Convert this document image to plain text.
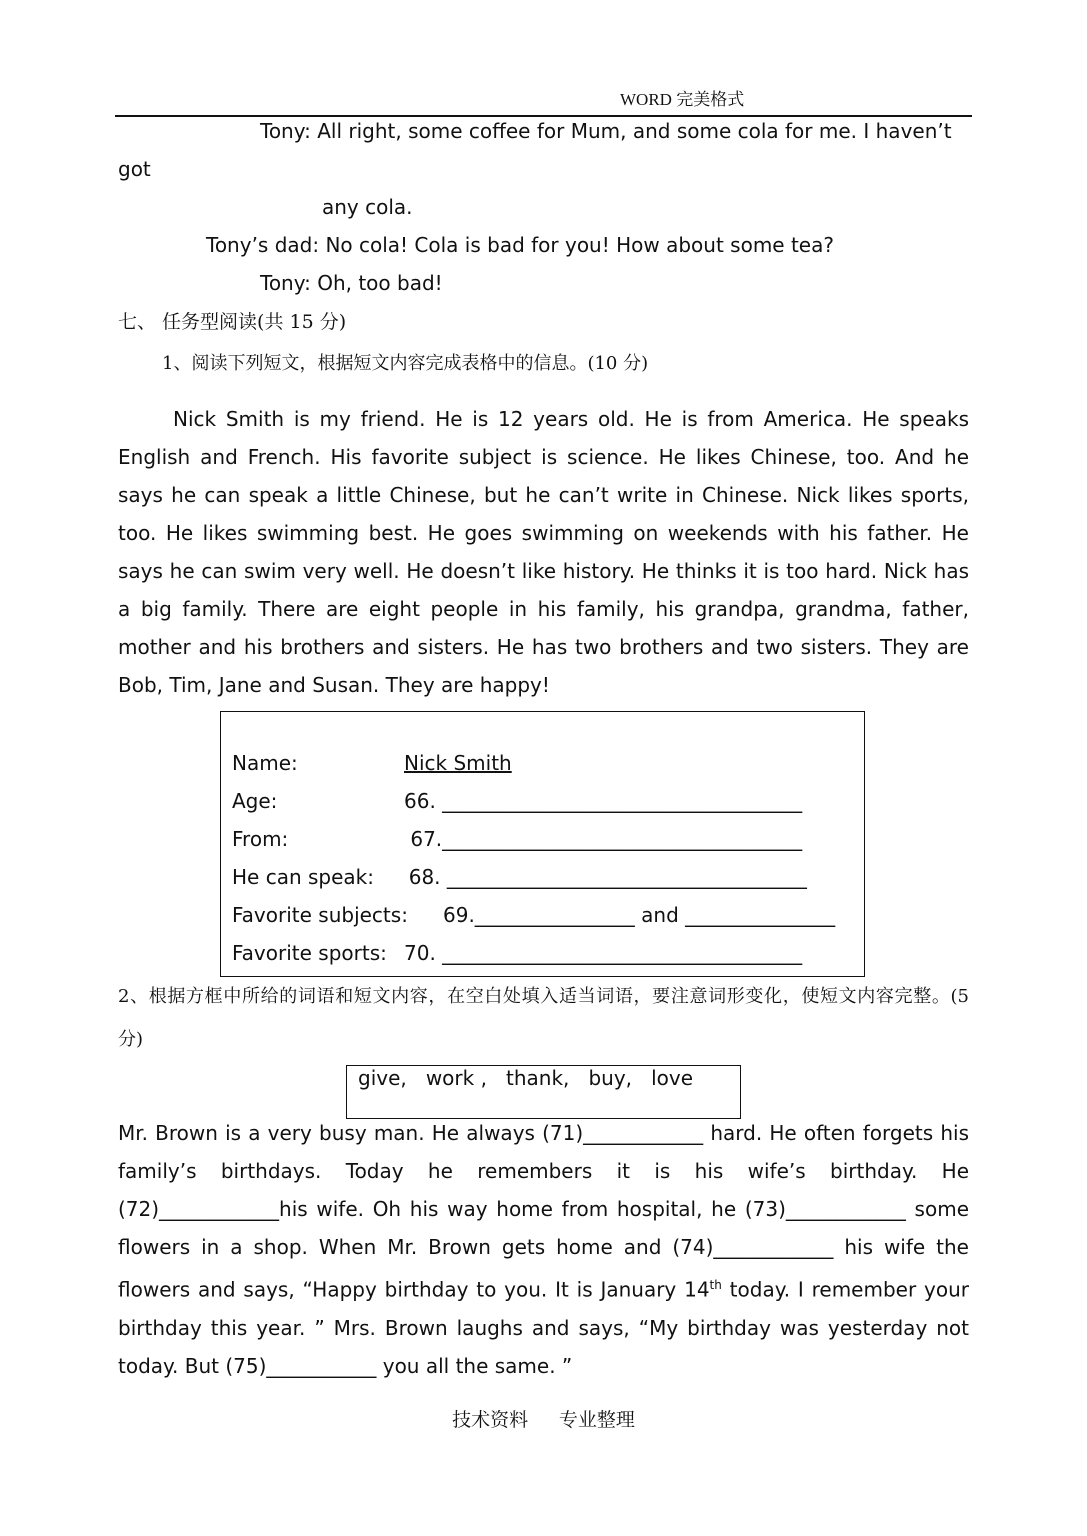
WORD 完美格式
Tony: All right, some coffee for Mum, and some cola for me. I haven’t
got
any cola.
Tony’s dad: No cola! Cola is bad for you! How about some tea?
Tony: Oh, too bad!
七、 任务型阅读(共 15 分)
1、阅读下列短文，根据短文内容完成表格中的信息。(10 分)
Nick Smith is my friend. He is 12 years old. He is from America. He speaks English and French. His favorite subject is science. He likes Chinese, too. And he says he can speak a little Chinese, but he can’t write in Chinese. Nick likes sports, too. He likes swimming best. He goes swimming on weekends with his father. He says he can swim very well. He doesn’t like history. He thinks it is too hard. Nick has a big family. There are eight people in his family, his grandpa, grandma, father, mother and his brothers and sisters. He has two brothers and two sisters. They are Bob, Tim, Jane and Susan. They are happy!
Name:	Nick Smith
Age:	66. ____________________________________
From:	67.____________________________________
He can speak:  68. ____________________________________
Favorite subjects: 69.________________ and _______________
Favorite sports: 70. ____________________________________
2、根据方框中所给的词语和短文内容，在空白处填入适当词语，要注意词形变化，使短文内容完整。(5 分)
give,   work ,   thank,   buy,   love
Mr. Brown is a very busy man. He always (71)____________ hard. He often forgets his family’s birthdays. Today he remembers it is his wife’s birthday. He (72)____________his wife. Oh his way home from hospital, he (73)____________ some flowers in a shop. When Mr. Brown gets home and (74)____________ his wife the flowers and says, “Happy birthday to you. It is January 14th today. I remember your birthday this year. ” Mrs. Brown laughs and says, “My birthday was yesterday not today. But (75)___________ you all the same. ”
技术资料 专业整理
